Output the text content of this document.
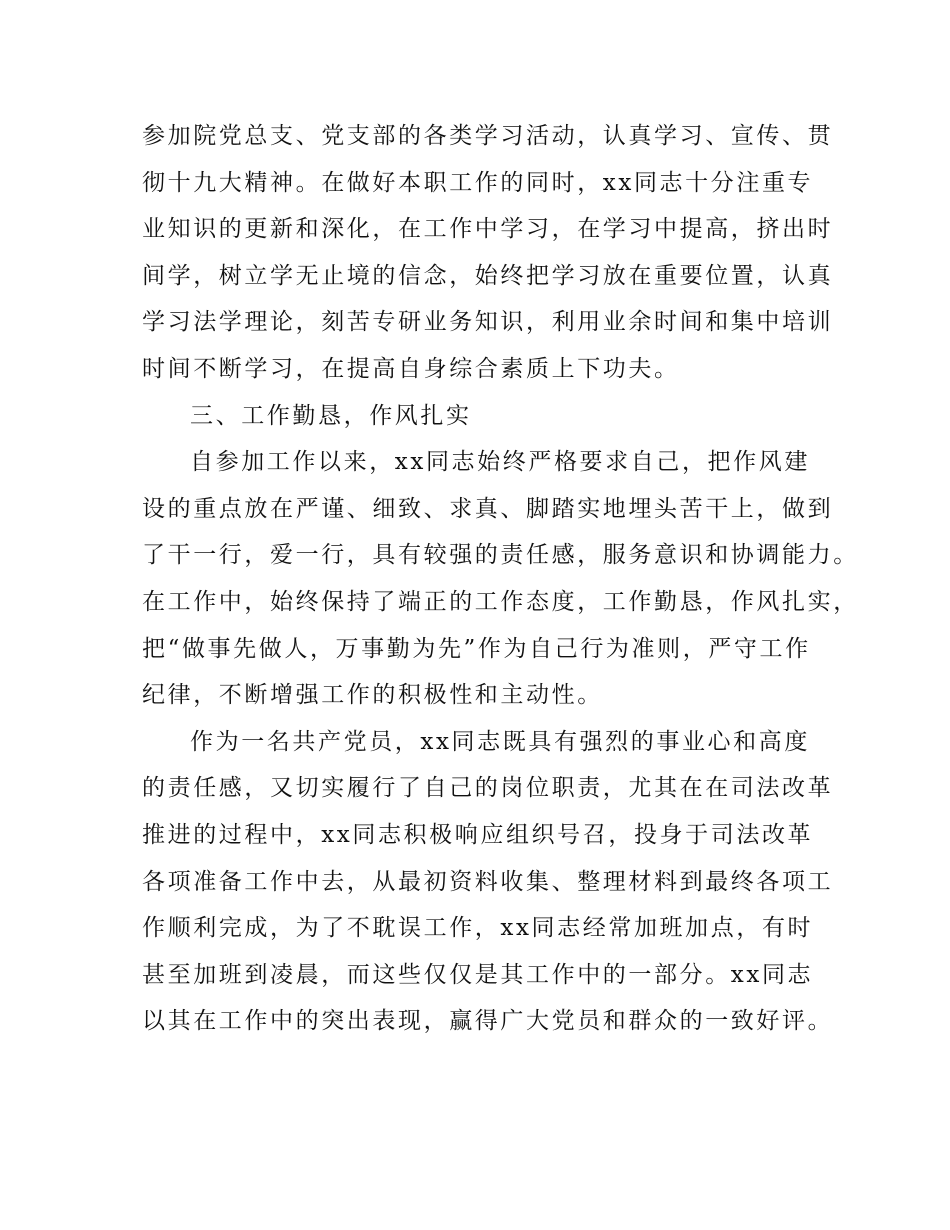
参加院党总支、党支部的各类学习活动，认真学习、宣传、贯
彻十九大精神。在做好本职工作的同时，xx同志十分注重专
业知识的更新和深化，在工作中学习，在学习中提高，挤出时
间学，树立学无止境的信念，始终把学习放在重要位置，认真
学习法学理论，刻苦专研业务知识，利用业余时间和集中培训
时间不断学习，在提高自身综合素质上下功夫。
三、工作勤恳，作风扎实
自参加工作以来，xx同志始终严格要求自己，把作风建
设的重点放在严谨、细致、求真、脚踏实地埋头苦干上，做到
了干一行，爱一行，具有较强的责任感，服务意识和协调能力。
在工作中，始终保持了端正的工作态度，工作勤恳，作风扎实，
把“做事先做人，万事勤为先”作为自己行为准则，严守工作
纪律，不断增强工作的积极性和主动性。
作为一名共产党员，xx同志既具有强烈的事业心和高度
的责任感，又切实履行了自己的岗位职责，尤其在在司法改革
推进的过程中，xx同志积极响应组织号召，投身于司法改革
各项准备工作中去，从最初资料收集、整理材料到最终各项工
作顺利完成，为了不耽误工作，xx同志经常加班加点，有时
甚至加班到凌晨，而这些仅仅是其工作中的一部分。xx同志
以其在工作中的突出表现，赢得广大党员和群众的一致好评。
